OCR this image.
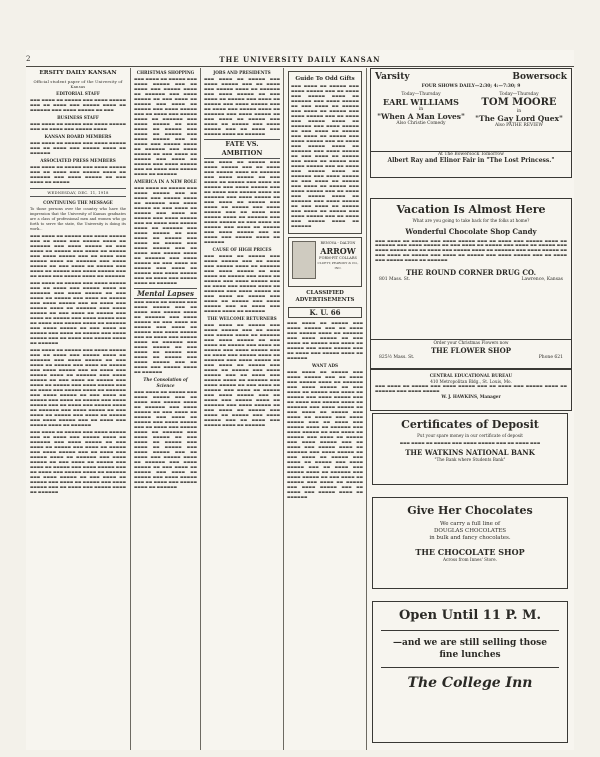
2	THE UNIVERSITY DAILY KANSAN
ERSITY DAILY KANSAN
Official student paper of the University of Kansas
EDITORIAL STAFF

▬▬▬ ▬▬▬▬ ▬▬ ▬▬▬▬▬ ▬▬▬ ▬▬▬▬ ▬▬▬▬▬ ▬▬▬ ▬▬ ▬▬▬▬ ▬▬▬ ▬▬▬▬▬ ▬▬▬▬ ▬▬ ▬▬▬▬▬▬ ▬▬▬ ▬▬▬▬ ▬▬▬▬▬ ▬▬ ▬▬▬

BUSINESS STAFF

▬▬▬ ▬▬▬▬ ▬▬ ▬▬▬▬▬ ▬▬▬ ▬▬▬▬ ▬▬▬▬▬ ▬▬▬ ▬▬ ▬▬▬▬ ▬▬▬ ▬▬▬▬▬ ▬▬▬▬

KANSAN BOARD MEMBERS

▬▬▬ ▬▬▬▬ ▬▬ ▬▬▬▬▬ ▬▬▬ ▬▬▬▬ ▬▬▬▬▬ ▬▬▬ ▬▬ ▬▬▬▬ ▬▬▬ ▬▬▬▬▬ ▬▬▬▬ ▬▬ ▬▬▬▬▬▬

ASSOCIATED PRESS MEMBERS

▬▬▬ ▬▬▬▬ ▬▬ ▬▬▬▬▬ ▬▬▬ ▬▬▬▬ ▬▬▬▬▬ ▬▬▬ ▬▬ ▬▬▬▬ ▬▬▬ ▬▬▬▬▬ ▬▬▬▬ ▬▬ ▬▬▬▬▬▬ ▬▬▬ ▬▬▬▬ ▬▬▬▬▬ ▬▬ ▬▬▬ ▬▬▬▬ ▬▬ ▬▬▬▬▬

WEDNESDAY, DEC. 11, 1918
CONTINUING THE MESSAGE

To those persons over the country who have the impression that the University of Kansas graduates are a class of professional men and women who go forth to serve the state, the University is doing its work...

▬▬▬ ▬▬▬▬ ▬▬ ▬▬▬▬▬ ▬▬▬ ▬▬▬▬ ▬▬▬▬▬ ▬▬▬ ▬▬ ▬▬▬▬ ▬▬▬ ▬▬▬▬▬ ▬▬▬▬ ▬▬ ▬▬▬▬▬▬ ▬▬▬ ▬▬▬▬ ▬▬▬▬▬ ▬▬ ▬▬▬ ▬▬▬▬ ▬▬ ▬▬▬▬▬ ▬▬▬ ▬▬▬▬ ▬▬ ▬▬▬▬▬ ▬▬▬ ▬▬▬▬ ▬▬▬▬▬ ▬▬▬ ▬▬ ▬▬▬▬ ▬▬▬ ▬▬▬▬▬ ▬▬▬▬ ▬▬ ▬▬▬▬▬▬ ▬▬▬ ▬▬▬▬ ▬▬▬▬▬ ▬▬ ▬▬▬ ▬▬▬▬ ▬▬ ▬▬▬▬▬ ▬▬▬ ▬▬▬▬ ▬▬ ▬▬▬▬▬ ▬▬▬ ▬▬▬▬ ▬▬▬▬▬ ▬▬▬ ▬▬ ▬▬▬▬ ▬▬▬ ▬▬▬▬▬ ▬▬▬▬ ▬▬ ▬▬▬▬▬▬

▬▬▬ ▬▬▬▬ ▬▬ ▬▬▬▬▬ ▬▬▬ ▬▬▬▬ ▬▬▬▬▬ ▬▬▬ ▬▬ ▬▬▬▬ ▬▬▬ ▬▬▬▬▬ ▬▬▬▬ ▬▬ ▬▬▬▬▬▬ ▬▬▬ ▬▬▬▬ ▬▬▬▬▬ ▬▬ ▬▬▬ ▬▬▬▬ ▬▬ ▬▬▬▬▬ ▬▬▬ ▬▬▬▬ ▬▬ ▬▬▬▬▬ ▬▬▬ ▬▬▬▬ ▬▬▬▬▬ ▬▬▬ ▬▬ ▬▬▬▬ ▬▬▬ ▬▬▬▬▬ ▬▬▬▬ ▬▬ ▬▬▬▬▬▬ ▬▬▬ ▬▬▬▬ ▬▬▬▬▬ ▬▬ ▬▬▬ ▬▬▬▬ ▬▬ ▬▬▬▬▬ ▬▬▬ ▬▬▬▬ ▬▬ ▬▬▬▬▬ ▬▬▬ ▬▬▬▬ ▬▬▬▬▬ ▬▬▬ ▬▬ ▬▬▬▬ ▬▬▬ ▬▬▬▬▬ ▬▬▬▬ ▬▬ ▬▬▬▬▬▬ ▬▬▬ ▬▬▬▬ ▬▬▬▬▬ ▬▬ ▬▬▬ ▬▬▬▬ ▬▬ ▬▬▬▬▬ ▬▬▬ ▬▬▬▬ ▬▬ ▬▬▬▬▬ ▬▬▬ ▬▬▬▬ ▬▬▬▬▬ ▬▬▬ ▬▬ ▬▬▬▬ ▬▬▬ ▬▬▬▬▬ ▬▬▬▬ ▬▬ ▬▬▬▬▬▬

▬▬▬ ▬▬▬▬ ▬▬ ▬▬▬▬▬ ▬▬▬ ▬▬▬▬ ▬▬▬▬▬ ▬▬▬ ▬▬ ▬▬▬▬ ▬▬▬ ▬▬▬▬▬ ▬▬▬▬ ▬▬ ▬▬▬▬▬▬ ▬▬▬ ▬▬▬▬ ▬▬▬▬▬ ▬▬ ▬▬▬ ▬▬▬▬ ▬▬ ▬▬▬▬▬ ▬▬▬ ▬▬▬▬ ▬▬ ▬▬▬▬▬ ▬▬▬ ▬▬▬▬ ▬▬▬▬▬ ▬▬▬ ▬▬ ▬▬▬▬ ▬▬▬ ▬▬▬▬▬ ▬▬▬▬ ▬▬ ▬▬▬▬▬▬ ▬▬▬ ▬▬▬▬ ▬▬▬▬▬ ▬▬ ▬▬▬ ▬▬▬▬ ▬▬ ▬▬▬▬▬ ▬▬▬ ▬▬▬▬ ▬▬ ▬▬▬▬▬ ▬▬▬ ▬▬▬▬ ▬▬▬▬▬ ▬▬▬ ▬▬ ▬▬▬▬ ▬▬▬ ▬▬▬▬▬ ▬▬▬▬ ▬▬ ▬▬▬▬▬▬ ▬▬▬ ▬▬▬▬ ▬▬▬▬▬ ▬▬ ▬▬▬ ▬▬▬▬ ▬▬ ▬▬▬▬▬ ▬▬▬ ▬▬▬▬ ▬▬ ▬▬▬▬▬ ▬▬▬ ▬▬▬▬ ▬▬▬▬▬ ▬▬▬ ▬▬ ▬▬▬▬ ▬▬▬ ▬▬▬▬▬ ▬▬▬▬ ▬▬ ▬▬▬▬▬▬ ▬▬▬ ▬▬▬▬ ▬▬▬▬▬ ▬▬ ▬▬▬ ▬▬▬▬ ▬▬ ▬▬▬▬▬ ▬▬▬ ▬▬▬▬ ▬▬ ▬▬▬▬▬ ▬▬▬ ▬▬▬▬ ▬▬▬▬▬ ▬▬▬ ▬▬ ▬▬▬▬ ▬▬▬ ▬▬▬▬▬ ▬▬▬▬ ▬▬ ▬▬▬▬▬▬

▬▬▬ ▬▬▬▬ ▬▬ ▬▬▬▬▬ ▬▬▬ ▬▬▬▬ ▬▬▬▬▬ ▬▬▬ ▬▬ ▬▬▬▬ ▬▬▬ ▬▬▬▬▬ ▬▬▬▬ ▬▬ ▬▬▬▬▬▬ ▬▬▬ ▬▬▬▬ ▬▬▬▬▬ ▬▬ ▬▬▬ ▬▬▬▬ ▬▬ ▬▬▬▬▬ ▬▬▬ ▬▬▬▬ ▬▬ ▬▬▬▬▬ ▬▬▬ ▬▬▬▬ ▬▬▬▬▬ ▬▬▬ ▬▬ ▬▬▬▬ ▬▬▬ ▬▬▬▬▬ ▬▬▬▬ ▬▬ ▬▬▬▬▬▬ ▬▬▬ ▬▬▬▬ ▬▬▬▬▬ ▬▬ ▬▬▬ ▬▬▬▬ ▬▬ ▬▬▬▬▬ ▬▬▬ ▬▬▬▬ ▬▬ ▬▬▬▬▬ ▬▬▬ ▬▬▬▬ ▬▬▬▬▬ ▬▬▬ ▬▬ ▬▬▬▬ ▬▬▬ ▬▬▬▬▬ ▬▬▬▬ ▬▬ ▬▬▬▬▬▬ ▬▬▬ ▬▬▬▬ ▬▬▬▬▬ ▬▬ ▬▬▬ ▬▬▬▬ ▬▬ ▬▬▬▬▬ ▬▬▬ ▬▬▬▬ ▬▬ ▬▬▬▬▬ ▬▬▬ ▬▬▬▬ ▬▬▬▬▬ ▬▬▬ ▬▬ ▬▬▬▬ ▬▬▬ ▬▬▬▬▬ ▬▬▬▬ ▬▬ ▬▬▬▬▬▬

CHRISTMAS SHOPPING

▬▬▬ ▬▬▬▬ ▬▬ ▬▬▬▬▬ ▬▬▬ ▬▬▬▬ ▬▬▬▬▬ ▬▬▬ ▬▬ ▬▬▬▬ ▬▬▬ ▬▬▬▬▬ ▬▬▬▬ ▬▬ ▬▬▬▬▬▬ ▬▬▬ ▬▬▬▬ ▬▬▬▬▬ ▬▬ ▬▬▬ ▬▬▬▬ ▬▬ ▬▬▬▬▬ ▬▬▬ ▬▬▬▬ ▬▬ ▬▬▬▬▬ ▬▬▬ ▬▬▬▬ ▬▬▬▬▬ ▬▬▬ ▬▬ ▬▬▬▬ ▬▬▬ ▬▬▬▬▬ ▬▬▬▬ ▬▬ ▬▬▬▬▬▬ ▬▬▬ ▬▬▬▬ ▬▬▬▬▬ ▬▬ ▬▬▬ ▬▬▬▬ ▬▬ ▬▬▬▬▬ ▬▬▬ ▬▬▬▬ ▬▬ ▬▬▬▬▬ ▬▬▬ ▬▬▬▬ ▬▬▬▬▬ ▬▬▬ ▬▬ ▬▬▬▬ ▬▬▬ ▬▬▬▬▬ ▬▬▬▬ ▬▬ ▬▬▬▬▬▬ ▬▬▬ ▬▬▬▬ ▬▬▬▬▬ ▬▬ ▬▬▬ ▬▬▬▬ ▬▬ ▬▬▬▬▬ ▬▬▬ ▬▬▬▬ ▬▬ ▬▬▬▬▬ ▬▬▬ ▬▬▬▬ ▬▬▬▬▬ ▬▬▬ ▬▬ ▬▬▬▬ ▬▬▬ ▬▬▬▬▬ ▬▬▬▬ ▬▬ ▬▬▬▬▬▬

AMERICA IN A NEW ROLE

▬▬▬ ▬▬▬▬ ▬▬ ▬▬▬▬▬ ▬▬▬ ▬▬▬▬ ▬▬▬▬▬ ▬▬▬ ▬▬ ▬▬▬▬ ▬▬▬ ▬▬▬▬▬ ▬▬▬▬ ▬▬ ▬▬▬▬▬▬ ▬▬▬ ▬▬▬▬ ▬▬▬▬▬ ▬▬ ▬▬▬ ▬▬▬▬ ▬▬ ▬▬▬▬▬ ▬▬▬ ▬▬▬▬ ▬▬ ▬▬▬▬▬ ▬▬▬ ▬▬▬▬ ▬▬▬▬▬ ▬▬▬ ▬▬ ▬▬▬▬ ▬▬▬ ▬▬▬▬▬ ▬▬▬▬ ▬▬ ▬▬▬▬▬▬ ▬▬▬ ▬▬▬▬ ▬▬▬▬▬ ▬▬ ▬▬▬ ▬▬▬▬ ▬▬ ▬▬▬▬▬ ▬▬▬ ▬▬▬▬ ▬▬ ▬▬▬▬▬ ▬▬▬ ▬▬▬▬ ▬▬▬▬▬ ▬▬▬ ▬▬ ▬▬▬▬ ▬▬▬ ▬▬▬▬▬ ▬▬▬▬ ▬▬ ▬▬▬▬▬▬ ▬▬▬ ▬▬▬▬ ▬▬▬▬▬ ▬▬ ▬▬▬ ▬▬▬▬ ▬▬ ▬▬▬▬▬ ▬▬▬ ▬▬▬▬ ▬▬ ▬▬▬▬▬ ▬▬▬ ▬▬▬▬ ▬▬▬▬▬ ▬▬▬ ▬▬ ▬▬▬▬ ▬▬▬ ▬▬▬▬▬ ▬▬▬▬ ▬▬ ▬▬▬▬▬▬

Mental Lapses

▬▬▬ ▬▬▬▬ ▬▬ ▬▬▬▬▬ ▬▬▬ ▬▬▬▬ ▬▬▬▬▬ ▬▬▬ ▬▬ ▬▬▬▬ ▬▬▬ ▬▬▬▬▬ ▬▬▬▬ ▬▬ ▬▬▬▬▬▬ ▬▬▬ ▬▬▬▬ ▬▬▬▬▬ ▬▬ ▬▬▬ ▬▬▬▬ ▬▬ ▬▬▬▬▬ ▬▬▬ ▬▬▬▬ ▬▬ ▬▬▬▬▬ ▬▬▬ ▬▬▬▬ ▬▬▬▬▬ ▬▬▬ ▬▬ ▬▬▬▬ ▬▬▬ ▬▬▬▬▬ ▬▬▬▬ ▬▬ ▬▬▬▬▬▬ ▬▬▬ ▬▬▬▬ ▬▬▬▬▬ ▬▬ ▬▬▬ ▬▬▬▬ ▬▬ ▬▬▬▬▬ ▬▬▬ ▬▬▬▬ ▬▬ ▬▬▬▬▬ ▬▬▬ ▬▬▬▬ ▬▬▬▬▬ ▬▬▬ ▬▬ ▬▬▬▬ ▬▬▬ ▬▬▬▬▬ ▬▬▬▬ ▬▬ ▬▬▬▬▬▬

The Consolation of Science

▬▬▬ ▬▬▬▬ ▬▬ ▬▬▬▬▬ ▬▬▬ ▬▬▬▬ ▬▬▬▬▬ ▬▬▬ ▬▬ ▬▬▬▬ ▬▬▬ ▬▬▬▬▬ ▬▬▬▬ ▬▬ ▬▬▬▬▬▬ ▬▬▬ ▬▬▬▬ ▬▬▬▬▬ ▬▬ ▬▬▬ ▬▬▬▬ ▬▬ ▬▬▬▬▬ ▬▬▬ ▬▬▬▬ ▬▬ ▬▬▬▬▬ ▬▬▬ ▬▬▬▬ ▬▬▬▬▬ ▬▬▬ ▬▬ ▬▬▬▬ ▬▬▬ ▬▬▬▬▬ ▬▬▬▬ ▬▬ ▬▬▬▬▬▬ ▬▬▬ ▬▬▬▬ ▬▬▬▬▬ ▬▬ ▬▬▬ ▬▬▬▬ ▬▬ ▬▬▬▬▬ ▬▬▬ ▬▬▬▬ ▬▬ ▬▬▬▬▬ ▬▬▬ ▬▬▬▬ ▬▬▬▬▬ ▬▬▬ ▬▬ ▬▬▬▬ ▬▬▬ ▬▬▬▬▬ ▬▬▬▬ ▬▬ ▬▬▬▬▬▬ ▬▬▬ ▬▬▬▬ ▬▬▬▬▬ ▬▬ ▬▬▬ ▬▬▬▬ ▬▬ ▬▬▬▬▬ ▬▬▬ ▬▬▬▬ ▬▬ ▬▬▬▬▬ ▬▬▬ ▬▬▬▬ ▬▬▬▬▬ ▬▬▬ ▬▬ ▬▬▬▬ ▬▬▬ ▬▬▬▬▬ ▬▬▬▬ ▬▬ ▬▬▬▬▬▬

JOBS AND PRESIDENTS

▬▬▬ ▬▬▬▬ ▬▬ ▬▬▬▬▬ ▬▬▬ ▬▬▬▬ ▬▬▬▬▬ ▬▬▬ ▬▬ ▬▬▬▬ ▬▬▬ ▬▬▬▬▬ ▬▬▬▬ ▬▬ ▬▬▬▬▬▬ ▬▬▬ ▬▬▬▬ ▬▬▬▬▬ ▬▬ ▬▬▬ ▬▬▬▬ ▬▬ ▬▬▬▬▬ ▬▬▬ ▬▬▬▬ ▬▬ ▬▬▬▬▬ ▬▬▬ ▬▬▬▬ ▬▬▬▬▬ ▬▬▬ ▬▬ ▬▬▬▬ ▬▬▬ ▬▬▬▬▬ ▬▬▬▬ ▬▬ ▬▬▬▬▬▬ ▬▬▬ ▬▬▬▬ ▬▬▬▬▬ ▬▬ ▬▬▬ ▬▬▬▬ ▬▬ ▬▬▬▬▬ ▬▬▬ ▬▬▬▬ ▬▬ ▬▬▬▬▬ ▬▬▬ ▬▬▬▬ ▬▬▬▬▬ ▬▬▬ ▬▬ ▬▬▬▬ ▬▬▬ ▬▬▬▬▬ ▬▬▬▬ ▬▬ ▬▬▬▬▬▬

FATE VS. AMBITION

▬▬▬ ▬▬▬▬ ▬▬ ▬▬▬▬▬ ▬▬▬ ▬▬▬▬ ▬▬▬▬▬ ▬▬▬ ▬▬ ▬▬▬▬ ▬▬▬ ▬▬▬▬▬ ▬▬▬▬ ▬▬ ▬▬▬▬▬▬ ▬▬▬ ▬▬▬▬ ▬▬▬▬▬ ▬▬ ▬▬▬ ▬▬▬▬ ▬▬ ▬▬▬▬▬ ▬▬▬ ▬▬▬▬ ▬▬ ▬▬▬▬▬ ▬▬▬ ▬▬▬▬ ▬▬▬▬▬ ▬▬▬ ▬▬ ▬▬▬▬ ▬▬▬ ▬▬▬▬▬ ▬▬▬▬ ▬▬ ▬▬▬▬▬▬ ▬▬▬ ▬▬▬▬ ▬▬▬▬▬ ▬▬ ▬▬▬ ▬▬▬▬ ▬▬ ▬▬▬▬▬ ▬▬▬ ▬▬▬▬ ▬▬ ▬▬▬▬▬ ▬▬▬ ▬▬▬▬ ▬▬▬▬▬ ▬▬▬ ▬▬ ▬▬▬▬ ▬▬▬ ▬▬▬▬▬ ▬▬▬▬ ▬▬ ▬▬▬▬▬▬ ▬▬▬ ▬▬▬▬ ▬▬▬▬▬ ▬▬ ▬▬▬ ▬▬▬▬ ▬▬ ▬▬▬▬▬ ▬▬▬ ▬▬▬▬ ▬▬ ▬▬▬▬▬ ▬▬▬ ▬▬▬▬ ▬▬▬▬▬ ▬▬▬ ▬▬ ▬▬▬▬ ▬▬▬ ▬▬▬▬▬ ▬▬▬▬ ▬▬ ▬▬▬▬▬▬

CAUSE OF HIGH PRICES

▬▬▬ ▬▬▬▬ ▬▬ ▬▬▬▬▬ ▬▬▬ ▬▬▬▬ ▬▬▬▬▬ ▬▬▬ ▬▬ ▬▬▬▬ ▬▬▬ ▬▬▬▬▬ ▬▬▬▬ ▬▬ ▬▬▬▬▬▬ ▬▬▬ ▬▬▬▬ ▬▬▬▬▬ ▬▬ ▬▬▬ ▬▬▬▬ ▬▬ ▬▬▬▬▬ ▬▬▬ ▬▬▬▬ ▬▬ ▬▬▬▬▬ ▬▬▬ ▬▬▬▬ ▬▬▬▬▬ ▬▬▬ ▬▬ ▬▬▬▬ ▬▬▬ ▬▬▬▬▬ ▬▬▬▬ ▬▬ ▬▬▬▬▬▬ ▬▬▬ ▬▬▬▬ ▬▬▬▬▬ ▬▬ ▬▬▬ ▬▬▬▬ ▬▬ ▬▬▬▬▬ ▬▬▬ ▬▬▬▬ ▬▬ ▬▬▬▬▬ ▬▬▬ ▬▬▬▬ ▬▬▬▬▬ ▬▬▬ ▬▬ ▬▬▬▬ ▬▬▬ ▬▬▬▬▬ ▬▬▬▬ ▬▬ ▬▬▬▬▬▬

THE WELCOME RETURNERS

▬▬▬ ▬▬▬▬ ▬▬ ▬▬▬▬▬ ▬▬▬ ▬▬▬▬ ▬▬▬▬▬ ▬▬▬ ▬▬ ▬▬▬▬ ▬▬▬ ▬▬▬▬▬ ▬▬▬▬ ▬▬ ▬▬▬▬▬▬ ▬▬▬ ▬▬▬▬ ▬▬▬▬▬ ▬▬ ▬▬▬ ▬▬▬▬ ▬▬ ▬▬▬▬▬ ▬▬▬ ▬▬▬▬ ▬▬ ▬▬▬▬▬ ▬▬▬ ▬▬▬▬ ▬▬▬▬▬ ▬▬▬ ▬▬ ▬▬▬▬ ▬▬▬ ▬▬▬▬▬ ▬▬▬▬ ▬▬ ▬▬▬▬▬▬ ▬▬▬ ▬▬▬▬ ▬▬▬▬▬ ▬▬ ▬▬▬ ▬▬▬▬ ▬▬ ▬▬▬▬▬ ▬▬▬ ▬▬▬▬ ▬▬ ▬▬▬▬▬ ▬▬▬ ▬▬▬▬ ▬▬▬▬▬ ▬▬▬ ▬▬ ▬▬▬▬ ▬▬▬ ▬▬▬▬▬ ▬▬▬▬ ▬▬ ▬▬▬▬▬▬ ▬▬▬ ▬▬▬▬ ▬▬▬▬▬ ▬▬ ▬▬▬ ▬▬▬▬ ▬▬ ▬▬▬▬▬ ▬▬▬ ▬▬▬▬ ▬▬ ▬▬▬▬▬ ▬▬▬ ▬▬▬▬ ▬▬▬▬▬ ▬▬▬ ▬▬ ▬▬▬▬ ▬▬▬ ▬▬▬▬▬ ▬▬▬▬ ▬▬ ▬▬▬▬▬▬ ▬▬▬ ▬▬▬▬ ▬▬▬▬▬ ▬▬ ▬▬▬ ▬▬▬▬ ▬▬ ▬▬▬▬▬ ▬▬▬ ▬▬▬▬ ▬▬ ▬▬▬▬▬ ▬▬▬ ▬▬▬▬ ▬▬▬▬▬ ▬▬▬ ▬▬ ▬▬▬▬ ▬▬▬ ▬▬▬▬▬ ▬▬▬▬ ▬▬ ▬▬▬▬▬▬

Guide To Odd Gifts

▬▬▬ ▬▬▬▬ ▬▬ ▬▬▬▬▬ ▬▬▬ ▬▬▬▬ ▬▬▬▬▬ ▬▬▬ ▬▬ ▬▬▬▬ ▬▬▬ ▬▬▬▬▬ ▬▬▬▬ ▬▬ ▬▬▬▬▬▬ ▬▬▬ ▬▬▬▬ ▬▬▬▬▬ ▬▬ ▬▬▬ ▬▬▬▬ ▬▬ ▬▬▬▬▬ ▬▬▬ ▬▬▬▬ ▬▬ ▬▬▬▬▬ ▬▬▬ ▬▬▬▬ ▬▬▬▬▬ ▬▬▬ ▬▬ ▬▬▬▬ ▬▬▬ ▬▬▬▬▬ ▬▬▬▬ ▬▬ ▬▬▬▬▬▬ ▬▬▬ ▬▬▬▬ ▬▬▬▬▬ ▬▬ ▬▬▬ ▬▬▬▬ ▬▬ ▬▬▬▬▬ ▬▬▬ ▬▬▬▬ ▬▬ ▬▬▬▬▬ ▬▬▬ ▬▬▬▬ ▬▬▬▬▬ ▬▬▬ ▬▬ ▬▬▬▬ ▬▬▬ ▬▬▬▬▬ ▬▬▬▬ ▬▬ ▬▬▬▬▬▬ ▬▬▬ ▬▬▬▬ ▬▬▬▬▬ ▬▬ ▬▬▬ ▬▬▬▬ ▬▬ ▬▬▬▬▬ ▬▬▬ ▬▬▬▬ ▬▬ ▬▬▬▬▬ ▬▬▬ ▬▬▬▬ ▬▬▬▬▬ ▬▬▬ ▬▬ ▬▬▬▬ ▬▬▬ ▬▬▬▬▬ ▬▬▬▬ ▬▬ ▬▬▬▬▬▬ ▬▬▬ ▬▬▬▬ ▬▬▬▬▬ ▬▬ ▬▬▬ ▬▬▬▬ ▬▬ ▬▬▬▬▬ ▬▬▬ ▬▬▬▬ ▬▬ ▬▬▬▬▬ ▬▬▬ ▬▬▬▬ ▬▬▬▬▬ ▬▬▬ ▬▬ ▬▬▬▬ ▬▬▬ ▬▬▬▬▬ ▬▬▬▬ ▬▬ ▬▬▬▬▬▬ ▬▬▬ ▬▬▬▬ ▬▬▬▬▬ ▬▬ ▬▬▬ ▬▬▬▬ ▬▬ ▬▬▬▬▬ ▬▬▬ ▬▬▬▬ ▬▬ ▬▬▬▬▬ ▬▬▬ ▬▬▬▬ ▬▬▬▬▬ ▬▬▬ ▬▬ ▬▬▬▬ ▬▬▬ ▬▬▬▬▬ ▬▬▬▬ ▬▬ ▬▬▬▬▬▬

RENOVA - DALTON
ARROW
FORM-FIT COLLARS
CLUETT, PEABODY & CO., INC.
CLASSIFIED ADVERTISEMENTS
K. U. 66

▬▬▬ ▬▬▬▬ ▬▬ ▬▬▬▬▬ ▬▬▬ ▬▬▬▬ ▬▬▬▬▬ ▬▬▬ ▬▬ ▬▬▬▬ ▬▬▬ ▬▬▬▬▬ ▬▬▬▬ ▬▬ ▬▬▬▬▬▬ ▬▬▬ ▬▬▬▬ ▬▬▬▬▬ ▬▬ ▬▬▬ ▬▬▬▬ ▬▬ ▬▬▬▬▬ ▬▬▬ ▬▬▬▬ ▬▬ ▬▬▬▬▬ ▬▬▬ ▬▬▬▬ ▬▬▬▬▬ ▬▬▬ ▬▬ ▬▬▬▬ ▬▬▬ ▬▬▬▬▬ ▬▬▬▬ ▬▬ ▬▬▬▬▬▬

WANT ADS

▬▬▬ ▬▬▬▬ ▬▬ ▬▬▬▬▬ ▬▬▬ ▬▬▬▬ ▬▬▬▬▬ ▬▬▬ ▬▬ ▬▬▬▬ ▬▬▬ ▬▬▬▬▬ ▬▬▬▬ ▬▬ ▬▬▬▬▬▬ ▬▬▬ ▬▬▬▬ ▬▬▬▬▬ ▬▬ ▬▬▬ ▬▬▬▬ ▬▬ ▬▬▬▬▬ ▬▬▬ ▬▬▬▬ ▬▬ ▬▬▬▬▬ ▬▬▬ ▬▬▬▬ ▬▬▬▬▬ ▬▬▬ ▬▬ ▬▬▬▬ ▬▬▬ ▬▬▬▬▬ ▬▬▬▬ ▬▬ ▬▬▬▬▬▬ ▬▬▬ ▬▬▬▬ ▬▬▬▬▬ ▬▬ ▬▬▬ ▬▬▬▬ ▬▬ ▬▬▬▬▬ ▬▬▬ ▬▬▬▬ ▬▬ ▬▬▬▬▬ ▬▬▬ ▬▬▬▬ ▬▬▬▬▬ ▬▬▬ ▬▬ ▬▬▬▬ ▬▬▬ ▬▬▬▬▬ ▬▬▬▬ ▬▬ ▬▬▬▬▬▬ ▬▬▬ ▬▬▬▬ ▬▬▬▬▬ ▬▬ ▬▬▬ ▬▬▬▬ ▬▬ ▬▬▬▬▬ ▬▬▬ ▬▬▬▬ ▬▬ ▬▬▬▬▬ ▬▬▬ ▬▬▬▬ ▬▬▬▬▬ ▬▬▬ ▬▬ ▬▬▬▬ ▬▬▬ ▬▬▬▬▬ ▬▬▬▬ ▬▬ ▬▬▬▬▬▬ ▬▬▬ ▬▬▬▬ ▬▬▬▬▬ ▬▬ ▬▬▬ ▬▬▬▬ ▬▬ ▬▬▬▬▬ ▬▬▬ ▬▬▬▬ ▬▬ ▬▬▬▬▬ ▬▬▬ ▬▬▬▬ ▬▬▬▬▬ ▬▬▬ ▬▬ ▬▬▬▬ ▬▬▬ ▬▬▬▬▬ ▬▬▬▬ ▬▬ ▬▬▬▬▬▬ ▬▬▬ ▬▬▬▬ ▬▬▬▬▬ ▬▬ ▬▬▬ ▬▬▬▬ ▬▬ ▬▬▬▬▬ ▬▬▬ ▬▬▬▬ ▬▬ ▬▬▬▬▬ ▬▬▬ ▬▬▬▬ ▬▬▬▬▬ ▬▬▬ ▬▬ ▬▬▬▬ ▬▬▬ ▬▬▬▬▬ ▬▬▬▬ ▬▬ ▬▬▬▬▬▬

Varsity	Bowersock
FOUR SHOWS DAILY—2:30; 4:—7:30; 9
Today—Thursday
EARL WILLIAMS
in
"When A Man Loves"
Also Christie Comedy
Today—Thursday
TOM MOORE
in
"The Gay Lord Quex"
Also PATHE REVIEW
At The Bowersock Tomorrow
Albert Ray and Elinor Fair in "The Lost Princess."
Vacation Is Almost Here
What are you going to take back for the folks at home?
Wonderful Chocolate Shop Candy
▬▬▬ ▬▬▬▬ ▬▬ ▬▬▬▬▬ ▬▬▬ ▬▬▬▬ ▬▬▬▬▬ ▬▬▬ ▬▬ ▬▬▬▬ ▬▬▬ ▬▬▬▬▬ ▬▬▬▬ ▬▬ ▬▬▬▬▬▬ ▬▬▬ ▬▬▬▬ ▬▬▬▬▬ ▬▬ ▬▬▬ ▬▬▬▬ ▬▬ ▬▬▬▬▬ ▬▬▬ ▬▬▬▬ ▬▬ ▬▬▬▬▬ ▬▬▬ ▬▬▬▬ ▬▬▬▬▬ ▬▬▬ ▬▬ ▬▬▬▬ ▬▬▬ ▬▬▬▬▬ ▬▬▬▬ ▬▬ ▬▬▬▬▬▬ ▬▬▬ ▬▬▬▬ ▬▬▬▬▬ ▬▬ ▬▬▬ ▬▬▬▬ ▬▬ ▬▬▬▬▬ ▬▬▬ ▬▬▬▬ ▬▬ ▬▬▬▬▬ ▬▬▬ ▬▬▬▬ ▬▬▬▬▬ ▬▬▬ ▬▬ ▬▬▬▬ ▬▬▬ ▬▬▬▬▬ ▬▬▬▬ ▬▬ ▬▬▬▬▬▬
THE ROUND CORNER DRUG CO.
801 Mass. St.	Lawrence, Kansas
Order your Christmas Flowers now
THE FLOWER SHOP
825½ Mass. St.	Phone 621
CENTRAL EDUCATIONAL BUREAU
410 Metropolitan Bldg., St. Louis, Mo.
▬▬▬ ▬▬▬▬ ▬▬ ▬▬▬▬▬ ▬▬▬ ▬▬▬▬ ▬▬▬▬▬ ▬▬▬ ▬▬ ▬▬▬▬ ▬▬▬ ▬▬▬▬▬ ▬▬▬▬ ▬▬ ▬▬▬▬▬▬ ▬▬▬ ▬▬▬▬ ▬▬▬▬▬
W. J. HAWKINS, Manager
Certificates of Deposit
Put your spare money in our certificate of deposit
▬▬▬ ▬▬▬▬ ▬▬ ▬▬▬▬▬ ▬▬▬ ▬▬▬▬ ▬▬▬▬▬ ▬▬▬ ▬▬ ▬▬▬▬ ▬▬▬
THE WATKINS NATIONAL BANK
"The Bank where Students Bank"
Give Her Chocolates
We carry a full line of
DOUGLAS CHOCOLATES
in bulk and fancy chocolates.
THE CHOCOLATE SHOP
Across from Innes' Store.
Open Until 11 P. M.
—and we are still selling those fine lunches
The College Inn
